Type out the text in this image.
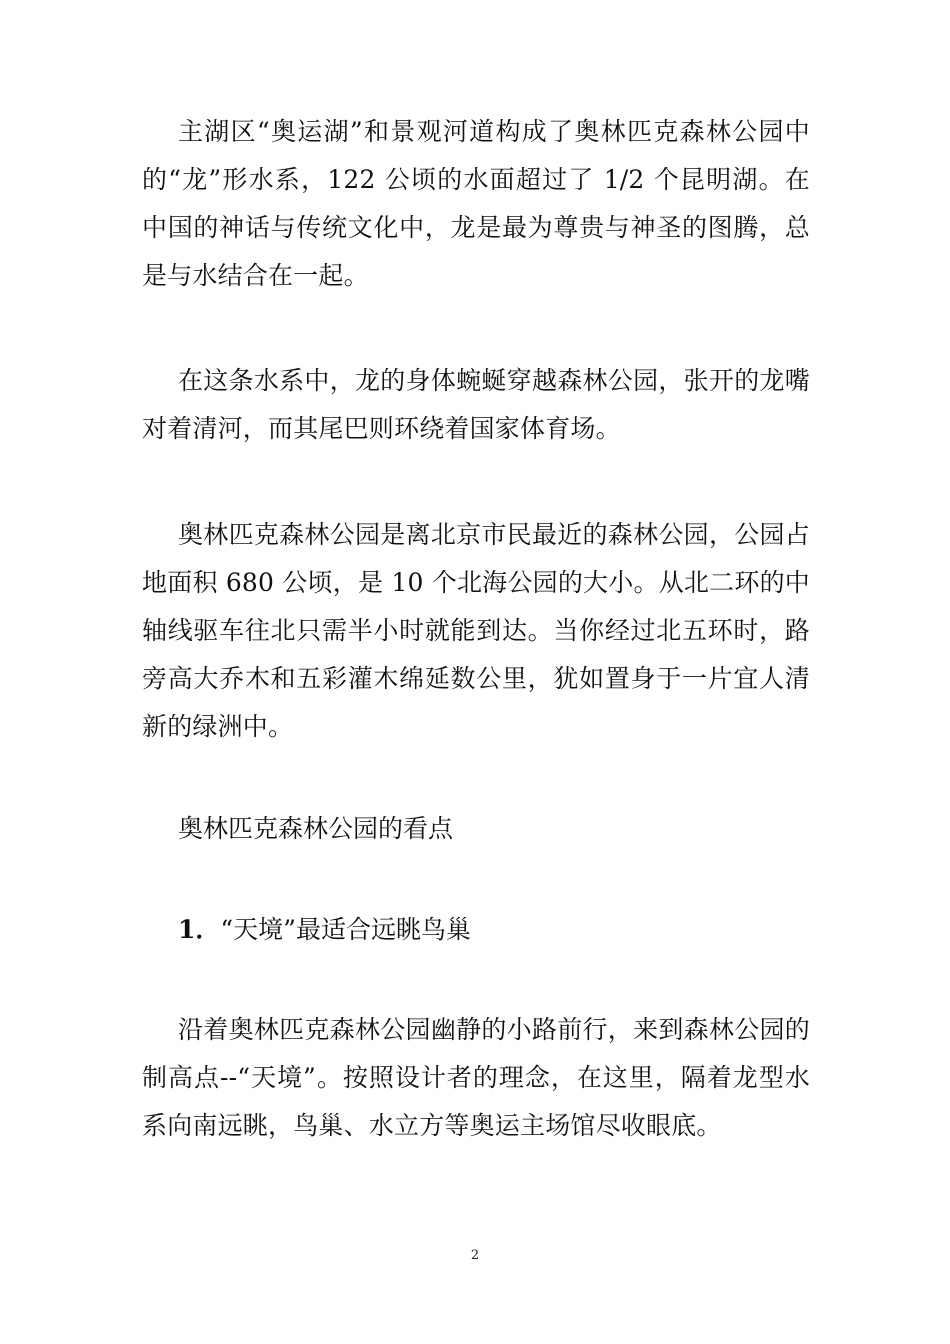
主湖区“奥运湖”和景观河道构成了奥林匹克森林公园中的“龙”形水系，122 公顷的水面超过了 1/2 个昆明湖。在中国的神话与传统文化中，龙是最为尊贵与神圣的图腾，总是与水结合在一起。

在这条水系中，龙的身体蜿蜒穿越森林公园，张开的龙嘴对着清河，而其尾巴则环绕着国家体育场。

奥林匹克森林公园是离北京市民最近的森林公园，公园占地面积 680 公顷，是 10 个北海公园的大小。从北二环的中轴线驱车往北只需半小时就能到达。当你经过北五环时，路旁高大乔木和五彩灌木绵延数公里，犹如置身于一片宜人清新的绿洲中。

奥林匹克森林公园的看点
1．“天境”最适合远眺鸟巢

沿着奥林匹克森林公园幽静的小路前行，来到森林公园的制高点--“天境”。按照设计者的理念，在这里，隔着龙型水系向南远眺，鸟巢、水立方等奥运主场馆尽收眼底。

2
